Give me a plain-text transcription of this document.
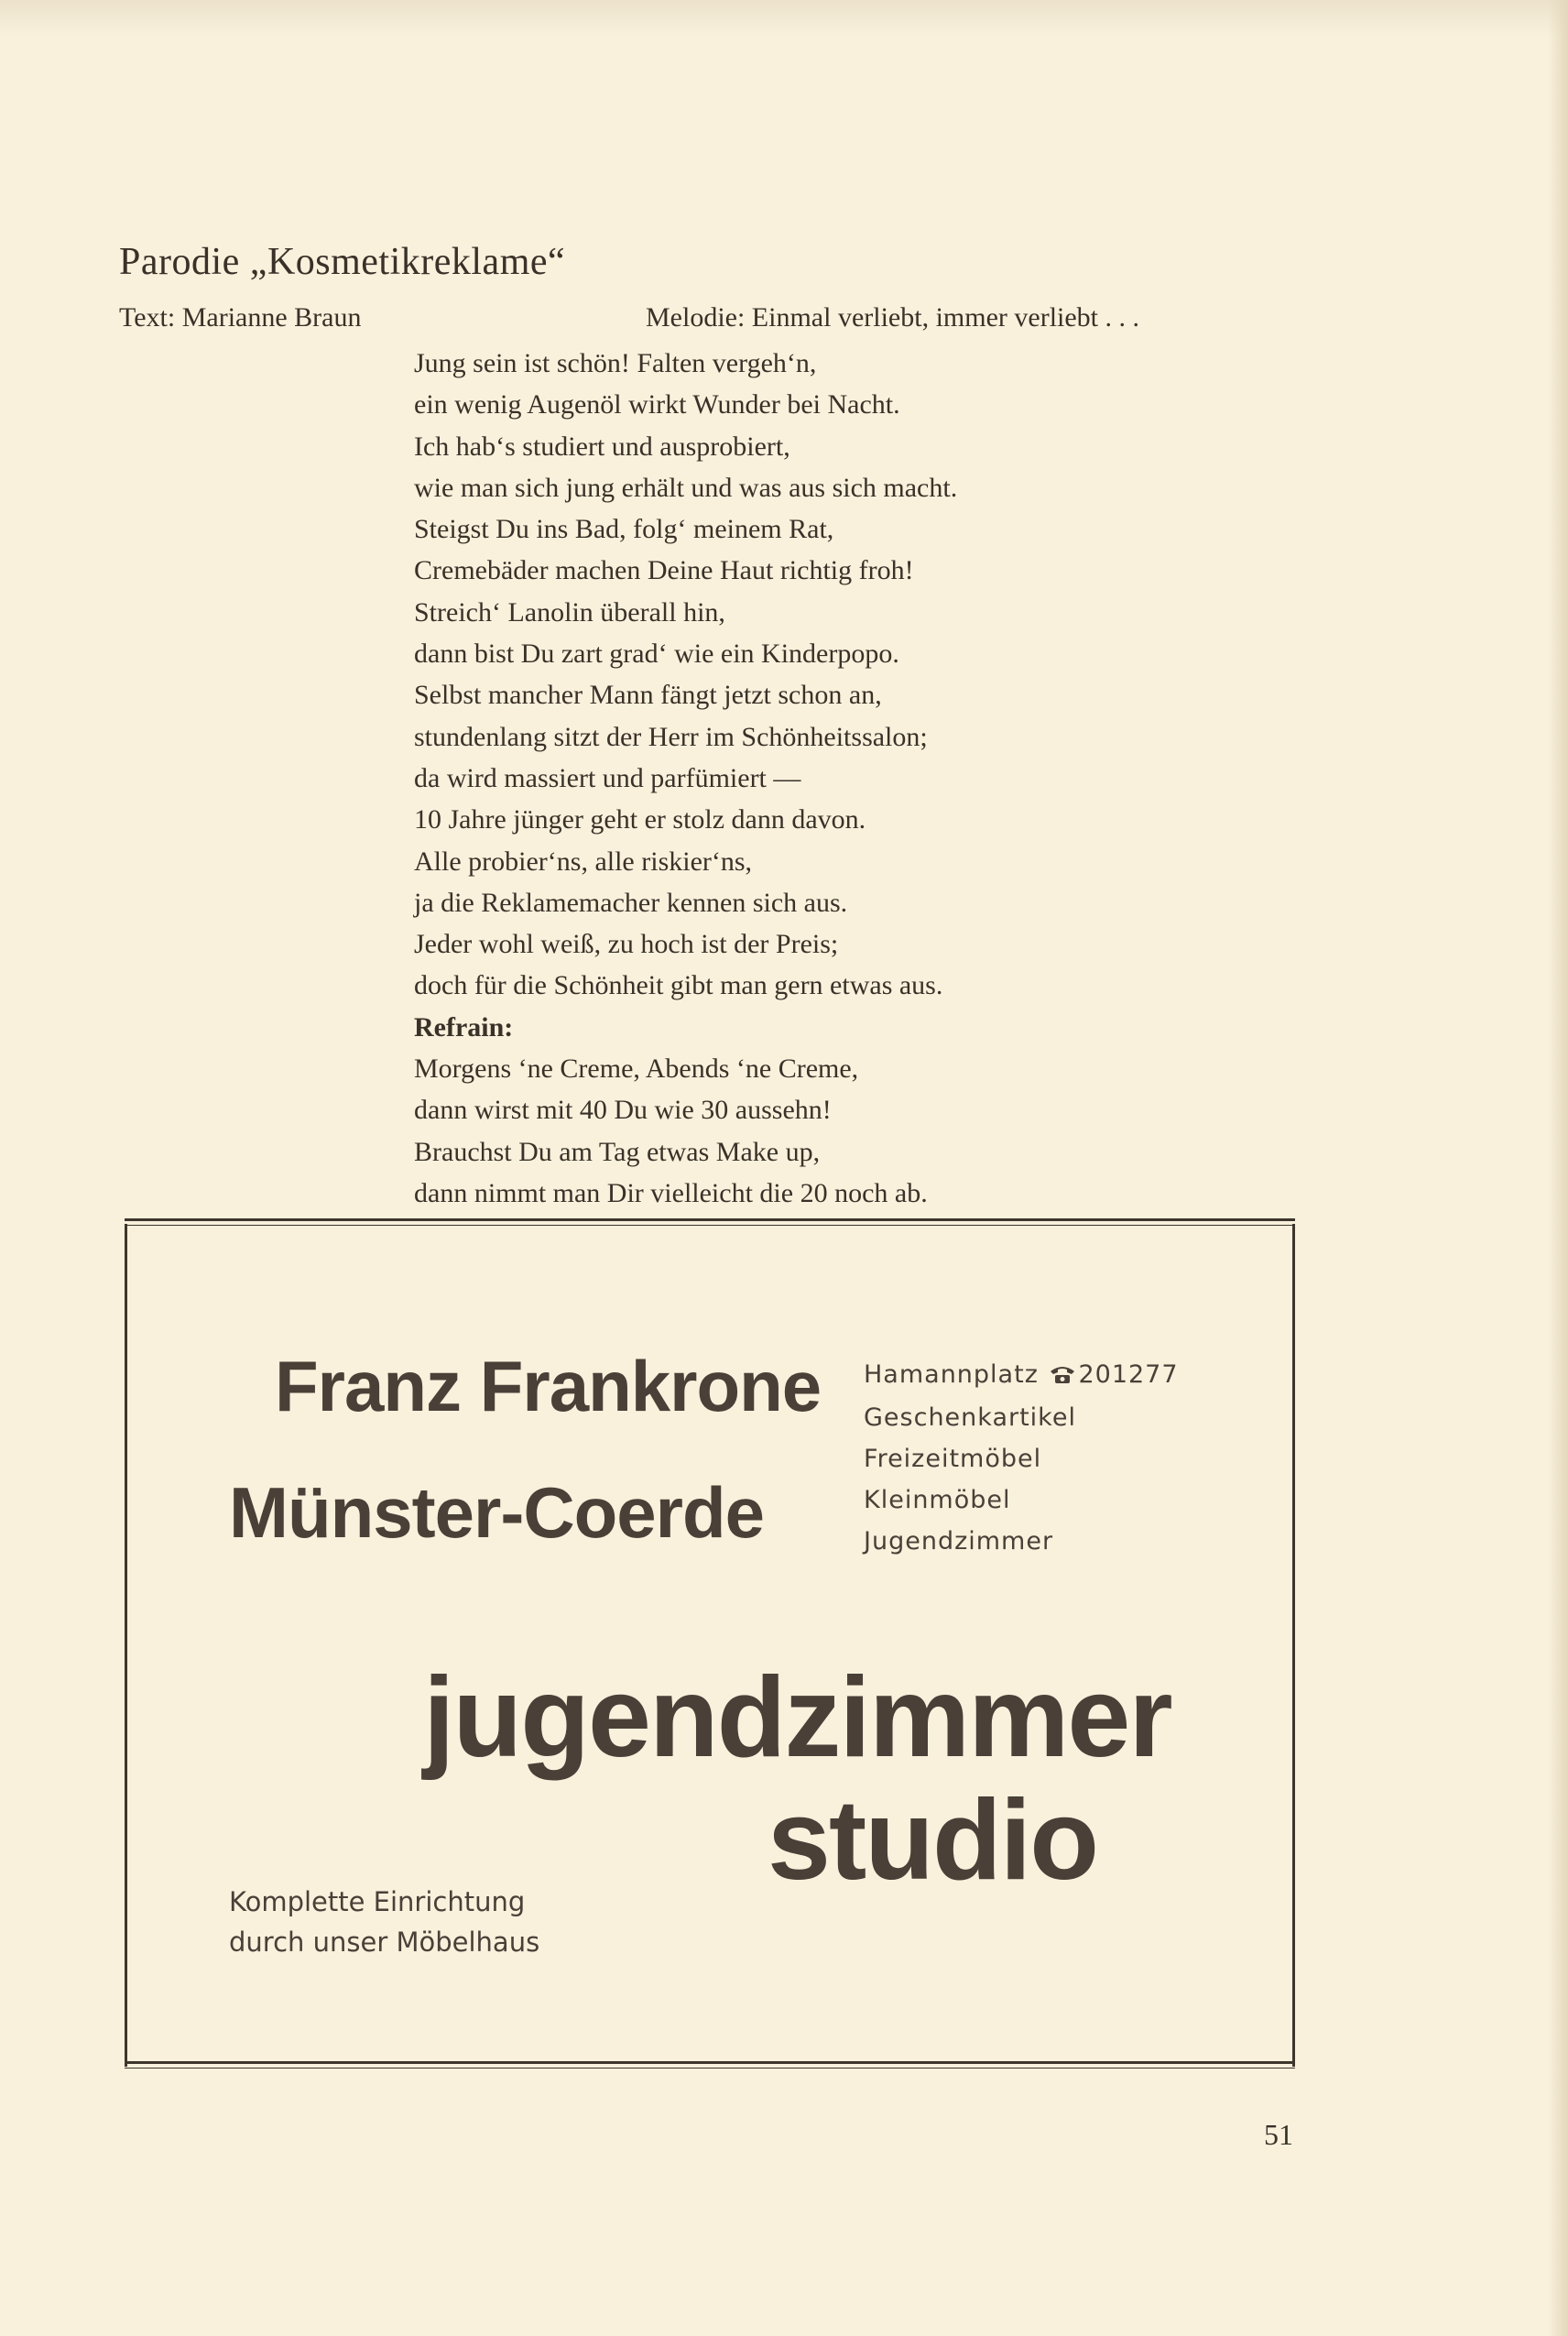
Parodie „Kosmetikreklame“
Text: Marianne Braun	Melodie: Einmal verliebt, immer verliebt . . .
Jung sein ist schön! Falten vergeh‘n,
ein wenig Augenöl wirkt Wunder bei Nacht.
Ich hab‘s studiert und ausprobiert,
wie man sich jung erhält und was aus sich macht.
Steigst Du ins Bad, folg‘ meinem Rat,
Cremebäder machen Deine Haut richtig froh!
Streich‘ Lanolin überall hin,
dann bist Du zart grad‘ wie ein Kinderpopo.
Selbst mancher Mann fängt jetzt schon an,
stundenlang sitzt der Herr im Schönheitssalon;
da wird massiert und parfümiert —
10 Jahre jünger geht er stolz dann davon.
Alle probier‘ns, alle riskier‘ns,
ja die Reklamemacher kennen sich aus.
Jeder wohl weiß, zu hoch ist der Preis;
doch für die Schönheit gibt man gern etwas aus.
Refrain:
Morgens ‘ne Creme, Abends ‘ne Creme,
dann wirst mit 40 Du wie 30 aussehn!
Brauchst Du am Tag etwas Make up,
dann nimmt man Dir vielleicht die 20 noch ab.
Franz Frankrone
Münster-Coerde
Hamannplatz 201277
Geschenkartikel
Freizeitmöbel
Kleinmöbel
Jugendzimmer
jugendzimmer
studio
Komplette Einrichtung
durch unser Möbelhaus
51
